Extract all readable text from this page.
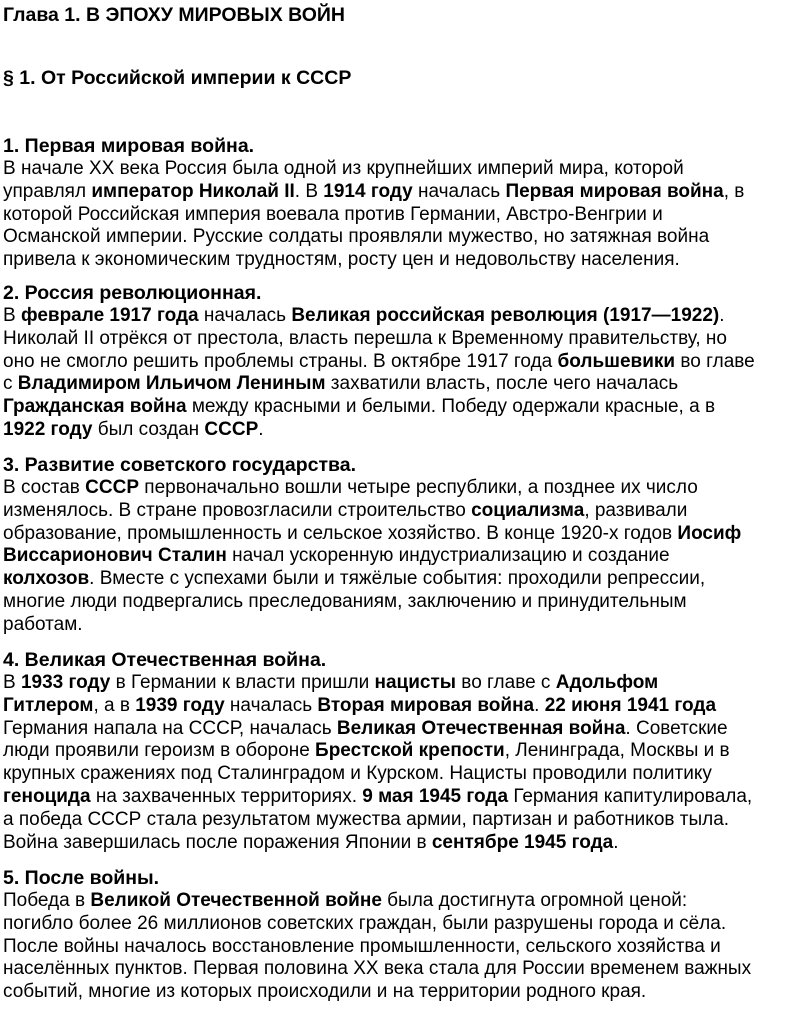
Глава 1. В ЭПОХУ МИРОВЫХ ВОЙН
§ 1. От Российской империи к СССР
1. Первая мировая война.
В начале XX века Россия была одной из крупнейших империй мира, которой
управлял император Николай II. В 1914 году началась Первая мировая война, в
которой Российская империя воевала против Германии, Австро-Венгрии и
Османской империи. Русские солдаты проявляли мужество, но затяжная война
привела к экономическим трудностям, росту цен и недовольству населения.
2. Россия революционная.
В феврале 1917 года началась Великая российская революция (1917—1922).
Николай II отрёкся от престола, власть перешла к Временному правительству, но
оно не смогло решить проблемы страны. В октябре 1917 года большевики во главе
с Владимиром Ильичом Лениным захватили власть, после чего началась
Гражданская война между красными и белыми. Победу одержали красные, а в
1922 году был создан СССР.
3. Развитие советского государства.
В состав СССР первоначально вошли четыре республики, а позднее их число
изменялось. В стране провозгласили строительство социализма, развивали
образование, промышленность и сельское хозяйство. В конце 1920-х годов Иосиф
Виссарионович Сталин начал ускоренную индустриализацию и создание
колхозов. Вместе с успехами были и тяжёлые события: проходили репрессии,
многие люди подвергались преследованиям, заключению и принудительным
работам.
4. Великая Отечественная война.
В 1933 году в Германии к власти пришли нацисты во главе с Адольфом
Гитлером, а в 1939 году началась Вторая мировая война. 22 июня 1941 года
Германия напала на СССР, началась Великая Отечественная война. Советские
люди проявили героизм в обороне Брестской крепости, Ленинграда, Москвы и в
крупных сражениях под Сталинградом и Курском. Нацисты проводили политику
геноцида на захваченных территориях. 9 мая 1945 года Германия капитулировала,
а победа СССР стала результатом мужества армии, партизан и работников тыла.
Война завершилась после поражения Японии в сентябре 1945 года.
5. После войны.
Победа в Великой Отечественной войне была достигнута огромной ценой:
погибло более 26 миллионов советских граждан, были разрушены города и сёла.
После войны началось восстановление промышленности, сельского хозяйства и
населённых пунктов. Первая половина XX века стала для России временем важных
событий, многие из которых происходили и на территории родного края.
